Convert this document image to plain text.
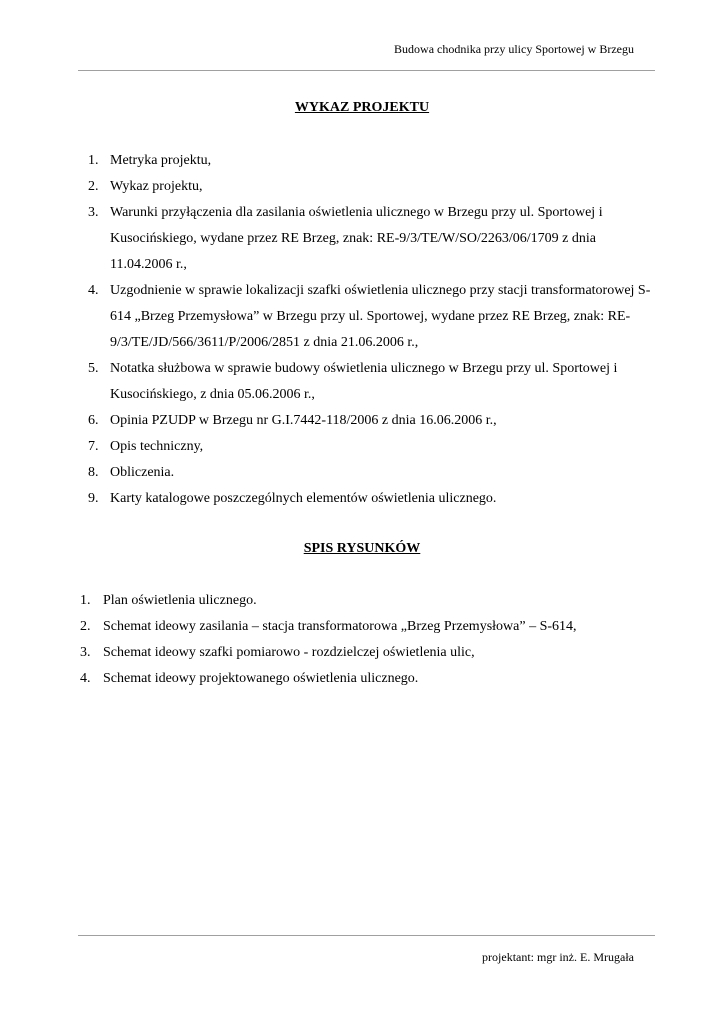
Budowa chodnika przy ulicy Sportowej w Brzegu
WYKAZ PROJEKTU
1. Metryka projektu,
2. Wykaz projektu,
3. Warunki przyłączenia dla zasilania oświetlenia ulicznego w Brzegu przy ul. Sportowej i Kusocińskiego, wydane przez RE Brzeg, znak: RE-9/3/TE/W/SO/2263/06/1709 z dnia 11.04.2006 r.,
4. Uzgodnienie w sprawie lokalizacji szafki oświetlenia ulicznego przy stacji transformatorowej S-614 „Brzeg Przemysłowa” w Brzegu przy ul. Sportowej, wydane przez RE Brzeg, znak: RE-9/3/TE/JD/566/3611/P/2006/2851 z dnia 21.06.2006 r.,
5. Notatka służbowa w sprawie budowy oświetlenia ulicznego w Brzegu przy ul. Sportowej i Kusocińskiego, z dnia 05.06.2006 r.,
6. Opinia PZUDP w Brzegu nr G.I.7442-118/2006 z dnia 16.06.2006 r.,
7. Opis techniczny,
8. Obliczenia.
9. Karty katalogowe poszczególnych elementów oświetlenia ulicznego.
SPIS RYSUNKÓW
1. Plan oświetlenia ulicznego.
2. Schemat ideowy zasilania – stacja transformatorowa „Brzeg Przemysłowa” – S-614,
3. Schemat ideowy szafki pomiarowo - rozdzielczej oświetlenia ulic,
4. Schemat ideowy projektowanego oświetlenia ulicznego.
projektant: mgr inż. E. Mrugała
